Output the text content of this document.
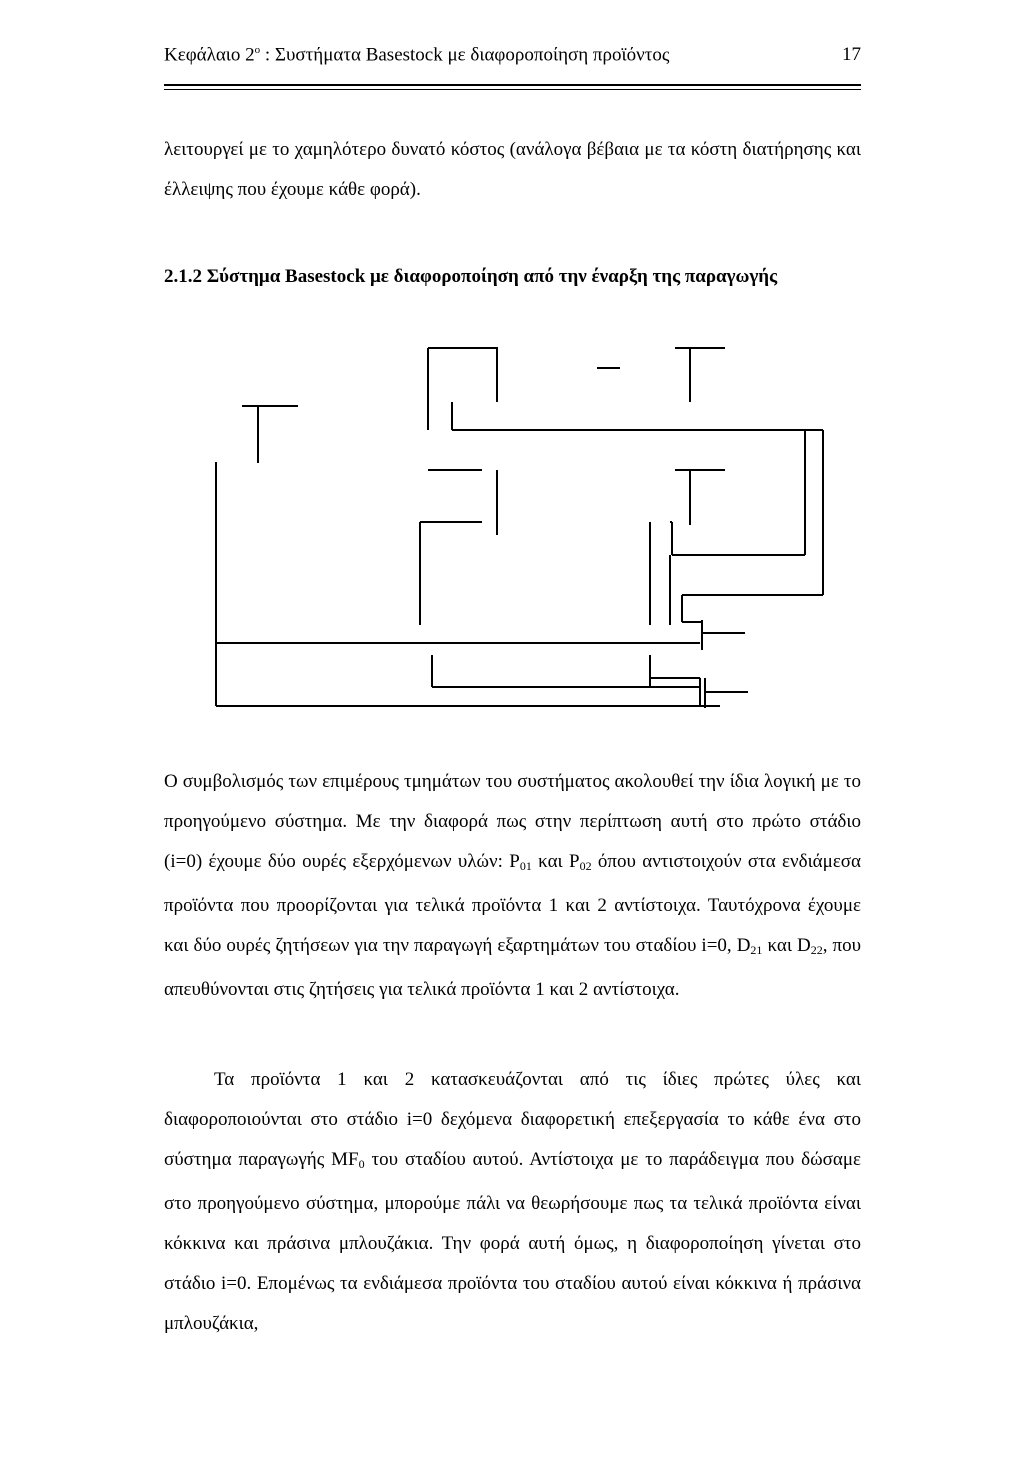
Κεφάλαιο $2^o$ : Συστήματα Basestock με διαφοροποίηση προϊόντος	17
λειτουργεί με το χαμηλότερο δυνατό κόστος (ανάλογα βέβαια με τα κόστη διατήρησης και έλλειψης που έχουμε κάθε φορά).
2.1.2 Σύστημα Basestock με διαφοροποίηση από την έναρξη της παραγωγής
Ο συμβολισμός των επιμέρους τμημάτων του συστήματος ακολουθεί την ίδια λογική με το προηγούμενο σύστημα. Με την διαφορά πως στην περίπτωση αυτή στο πρώτο στάδιο (i=0) έχουμε δύο ουρές εξερχόμενων υλών: $P_{01}$ και $P_{02}$ όπου αντιστοιχούν στα ενδιάμεσα προϊόντα που προορίζονται για τελικά προϊόντα 1 και 2 αντίστοιχα. Ταυτόχρονα έχουμε και δύο ουρές ζητήσεων για την παραγωγή εξαρτημάτων του σταδίου i=0, $D_{21}$ και $D_{22}$, που απευθύνονται στις ζητήσεις για τελικά προϊόντα 1 και 2 αντίστοιχα.
Τα προϊόντα 1 και 2 κατασκευάζονται από τις ίδιες πρώτες ύλες και διαφοροποιούνται στο στάδιο i=0 δεχόμενα διαφορετική επεξεργασία το κάθε ένα στο σύστημα παραγωγής $MF_0$ του σταδίου αυτού. Αντίστοιχα με το παράδειγμα που δώσαμε στο προηγούμενο σύστημα, μπορούμε πάλι να θεωρήσουμε πως τα τελικά προϊόντα είναι κόκκινα και πράσινα μπλουζάκια. Την φορά αυτή όμως, η διαφοροποίηση γίνεται στο στάδιο i=0. Επομένως τα ενδιάμεσα προϊόντα του σταδίου αυτού είναι κόκκινα ή πράσινα μπλουζάκια,
